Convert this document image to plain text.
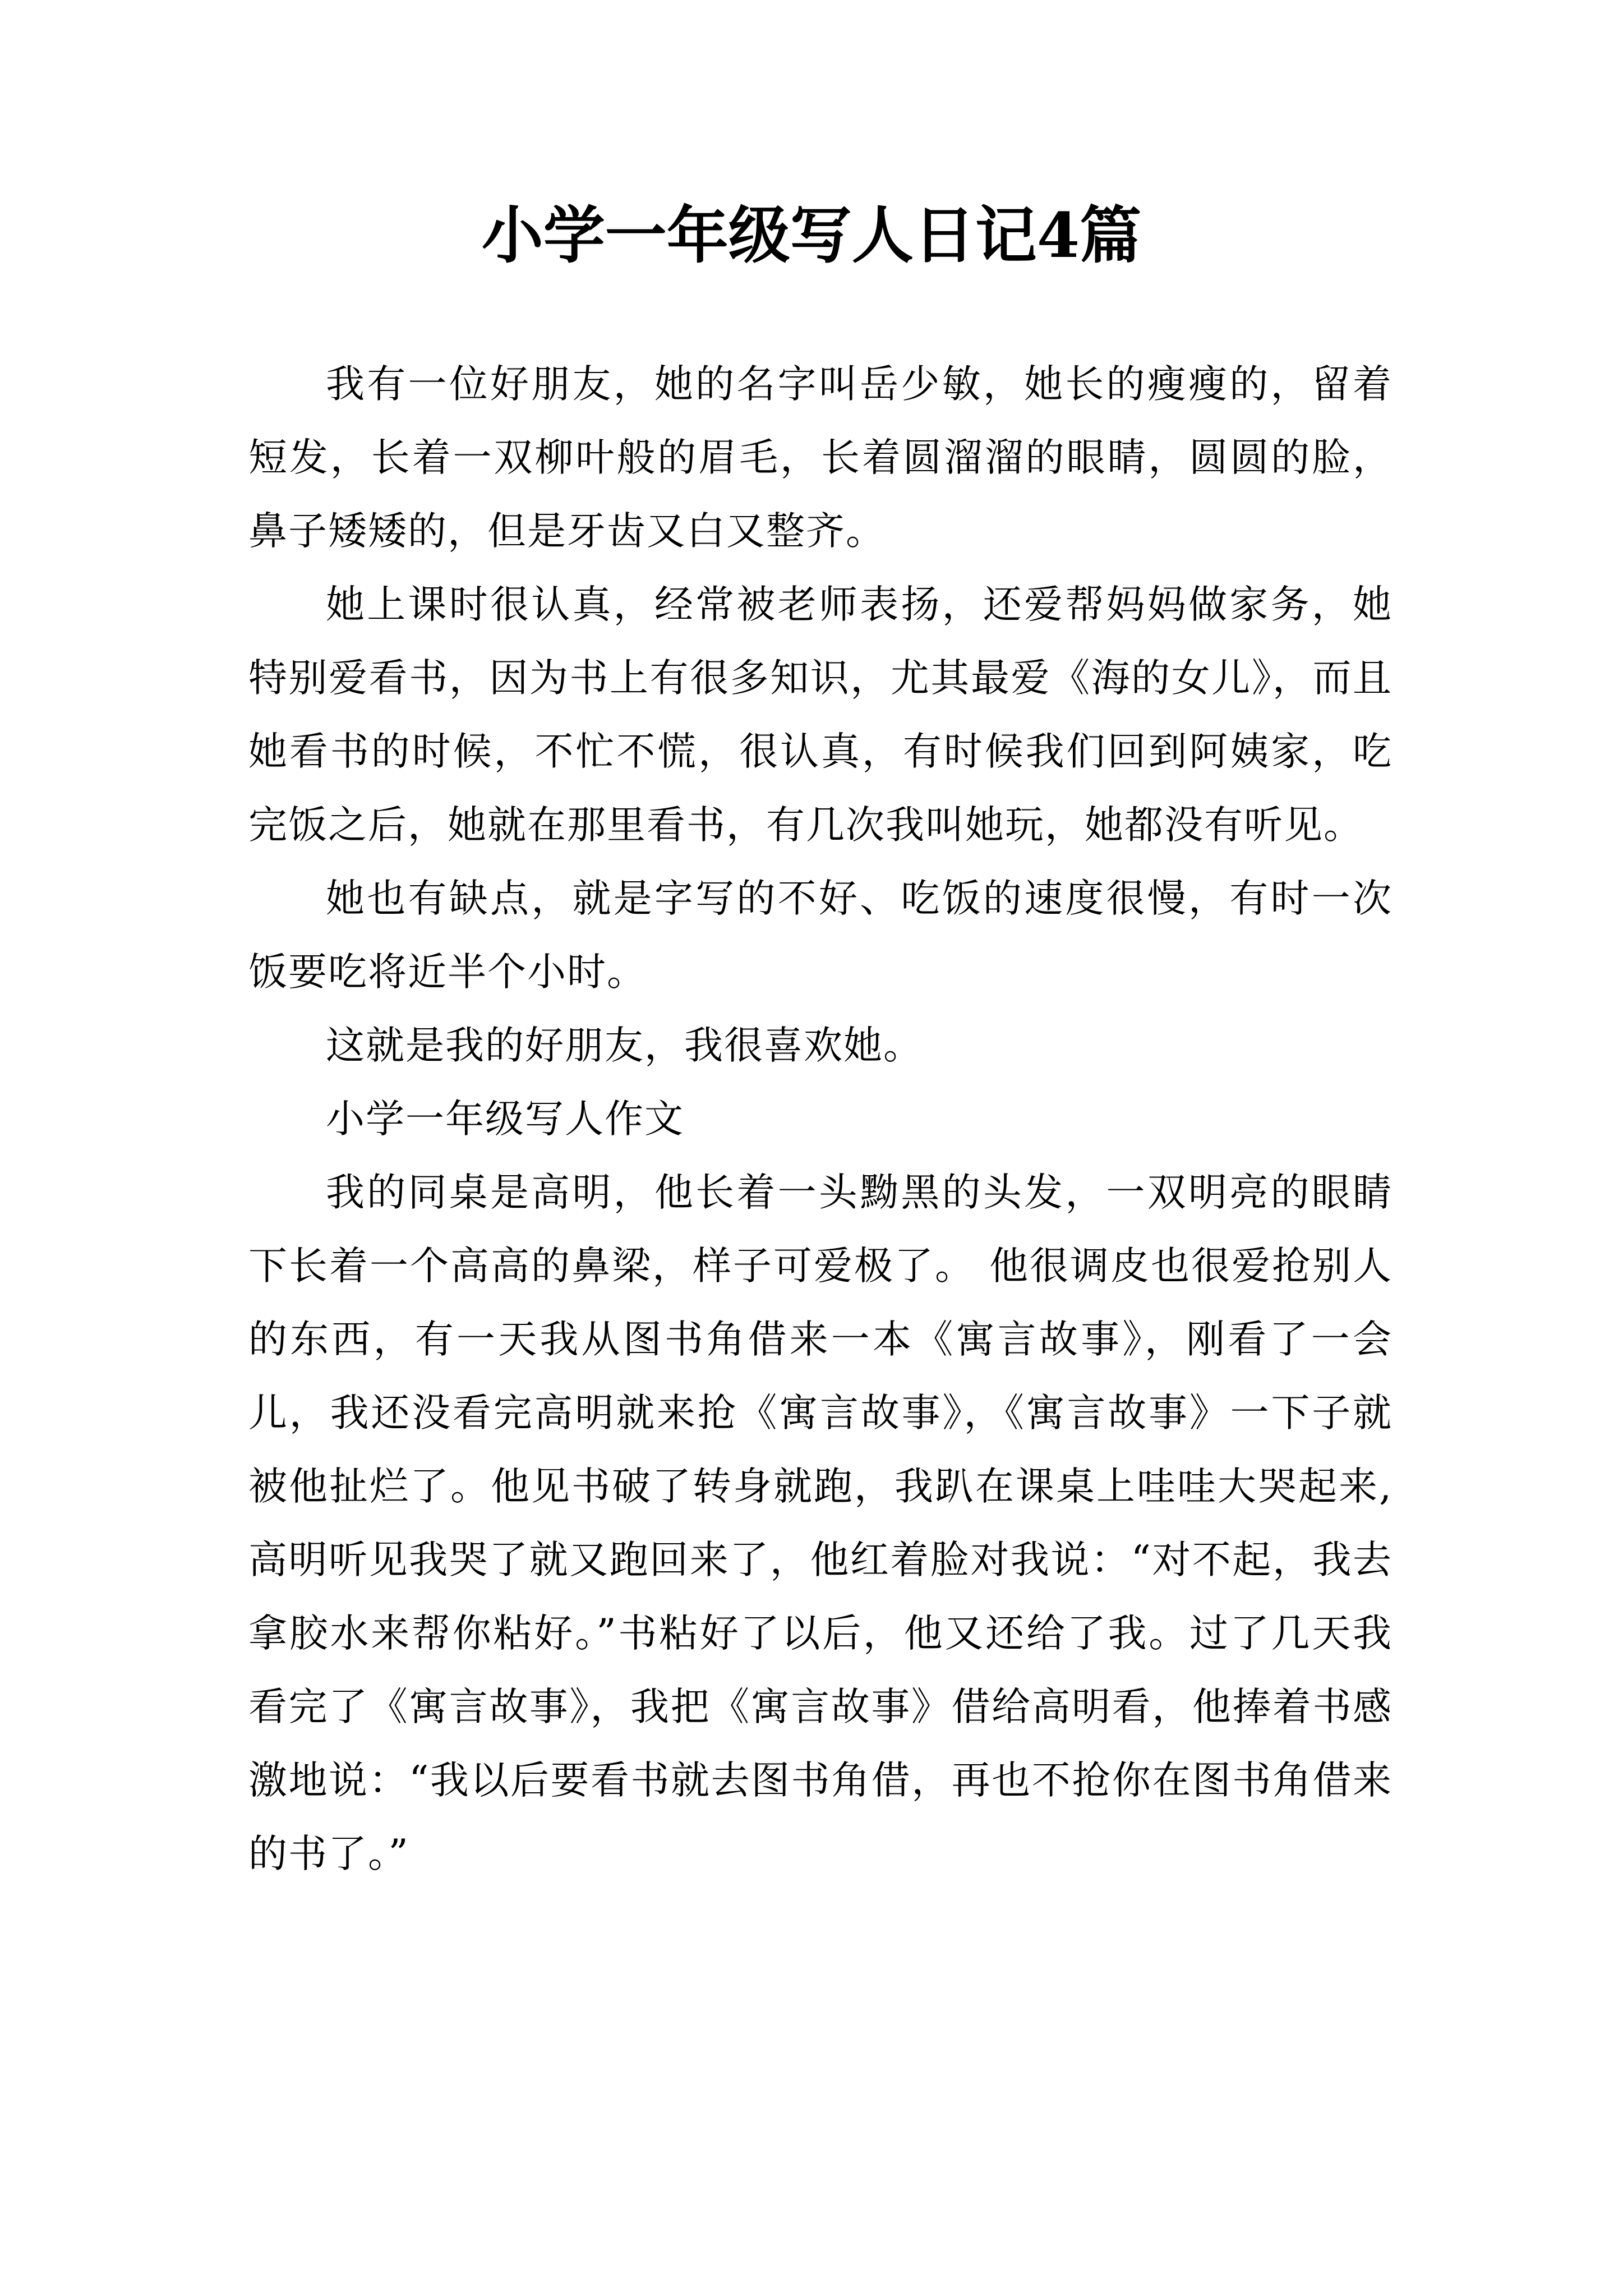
小学一年级写人日记4篇

我有一位好朋友，她的名字叫岳少敏，她长的瘦瘦的，留着短发，长着一双柳叶般的眉毛，长着圆溜溜的眼睛，圆圆的脸，鼻子矮矮的，但是牙齿又白又整齐。

她上课时很认真，经常被老师表扬，还爱帮妈妈做家务，她特别爱看书，因为书上有很多知识，尤其最爱《海的女儿》，而且她看书的时候，不忙不慌，很认真，有时候我们回到阿姨家，吃完饭之后，她就在那里看书，有几次我叫她玩，她都没有听见。

她也有缺点，就是字写的不好、吃饭的速度很慢，有时一次饭要吃将近半个小时。

这就是我的好朋友，我很喜欢她。

小学一年级写人作文

我的同桌是高明，他长着一头黝黑的头发，一双明亮的眼睛下长着一个高高的鼻梁，样子可爱极了。 他很调皮也很爱抢别人的东西，有一天我从图书角借来一本《寓言故事》，刚看了一会儿，我还没看完高明就来抢《寓言故事》，《寓言故事》一下子就被他扯烂了。他见书破了转身就跑，我趴在课桌上哇哇大哭起来,高明听见我哭了就又跑回来了，他红着脸对我说：“对不起，我去拿胶水来帮你粘好。”书粘好了以后，他又还给了我。过了几天我看完了《寓言故事》，我把《寓言故事》借给高明看，他捧着书感激地说：“我以后要看书就去图书角借，再也不抢你在图书角借来的书了。”
